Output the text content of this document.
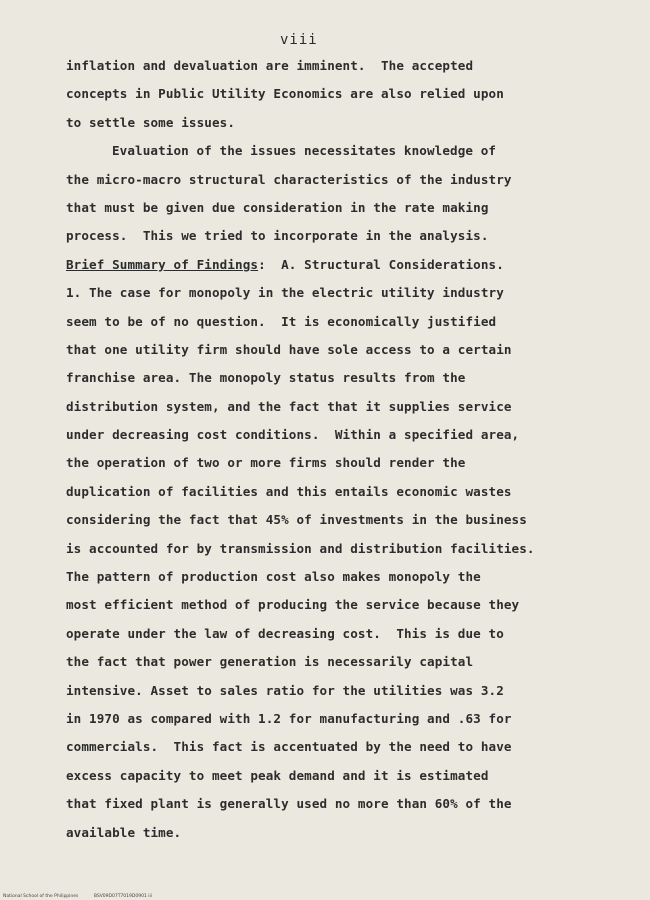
viii
inflation and devaluation are imminent.  The accepted
concepts in Public Utility Economics are also relied upon
to settle some issues.
Evaluation of the issues necessitates knowledge of
the micro-macro structural characteristics of the industry
that must be given due consideration in the rate making
process.  This we tried to incorporate in the analysis.
Brief Summary of Findings:  A. Structural Considerations.
1. The case for monopoly in the electric utility industry
seem to be of no question.  It is economically justified
that one utility firm should have sole access to a certain
franchise area. The monopoly status results from the
distribution system, and the fact that it supplies service
under decreasing cost conditions.  Within a specified area,
the operation of two or more firms should render the
duplication of facilities and this entails economic wastes
considering the fact that 45% of investments in the business
is accounted for by transmission and distribution facilities.
The pattern of production cost also makes monopoly the
most efficient method of producing the service because they
operate under the law of decreasing cost.  This is due to
the fact that power generation is necessarily capital
intensive. Asset to sales ratio for the utilities was 3.2
in 1970 as compared with 1.2 for manufacturing and .63 for
commercials.  This fact is accentuated by the need to have
excess capacity to meet peak demand and it is estimated
that fixed plant is generally used no more than 60% of the
available time.
National School of the Philippines	BSV09D07T7019D0901 iii
